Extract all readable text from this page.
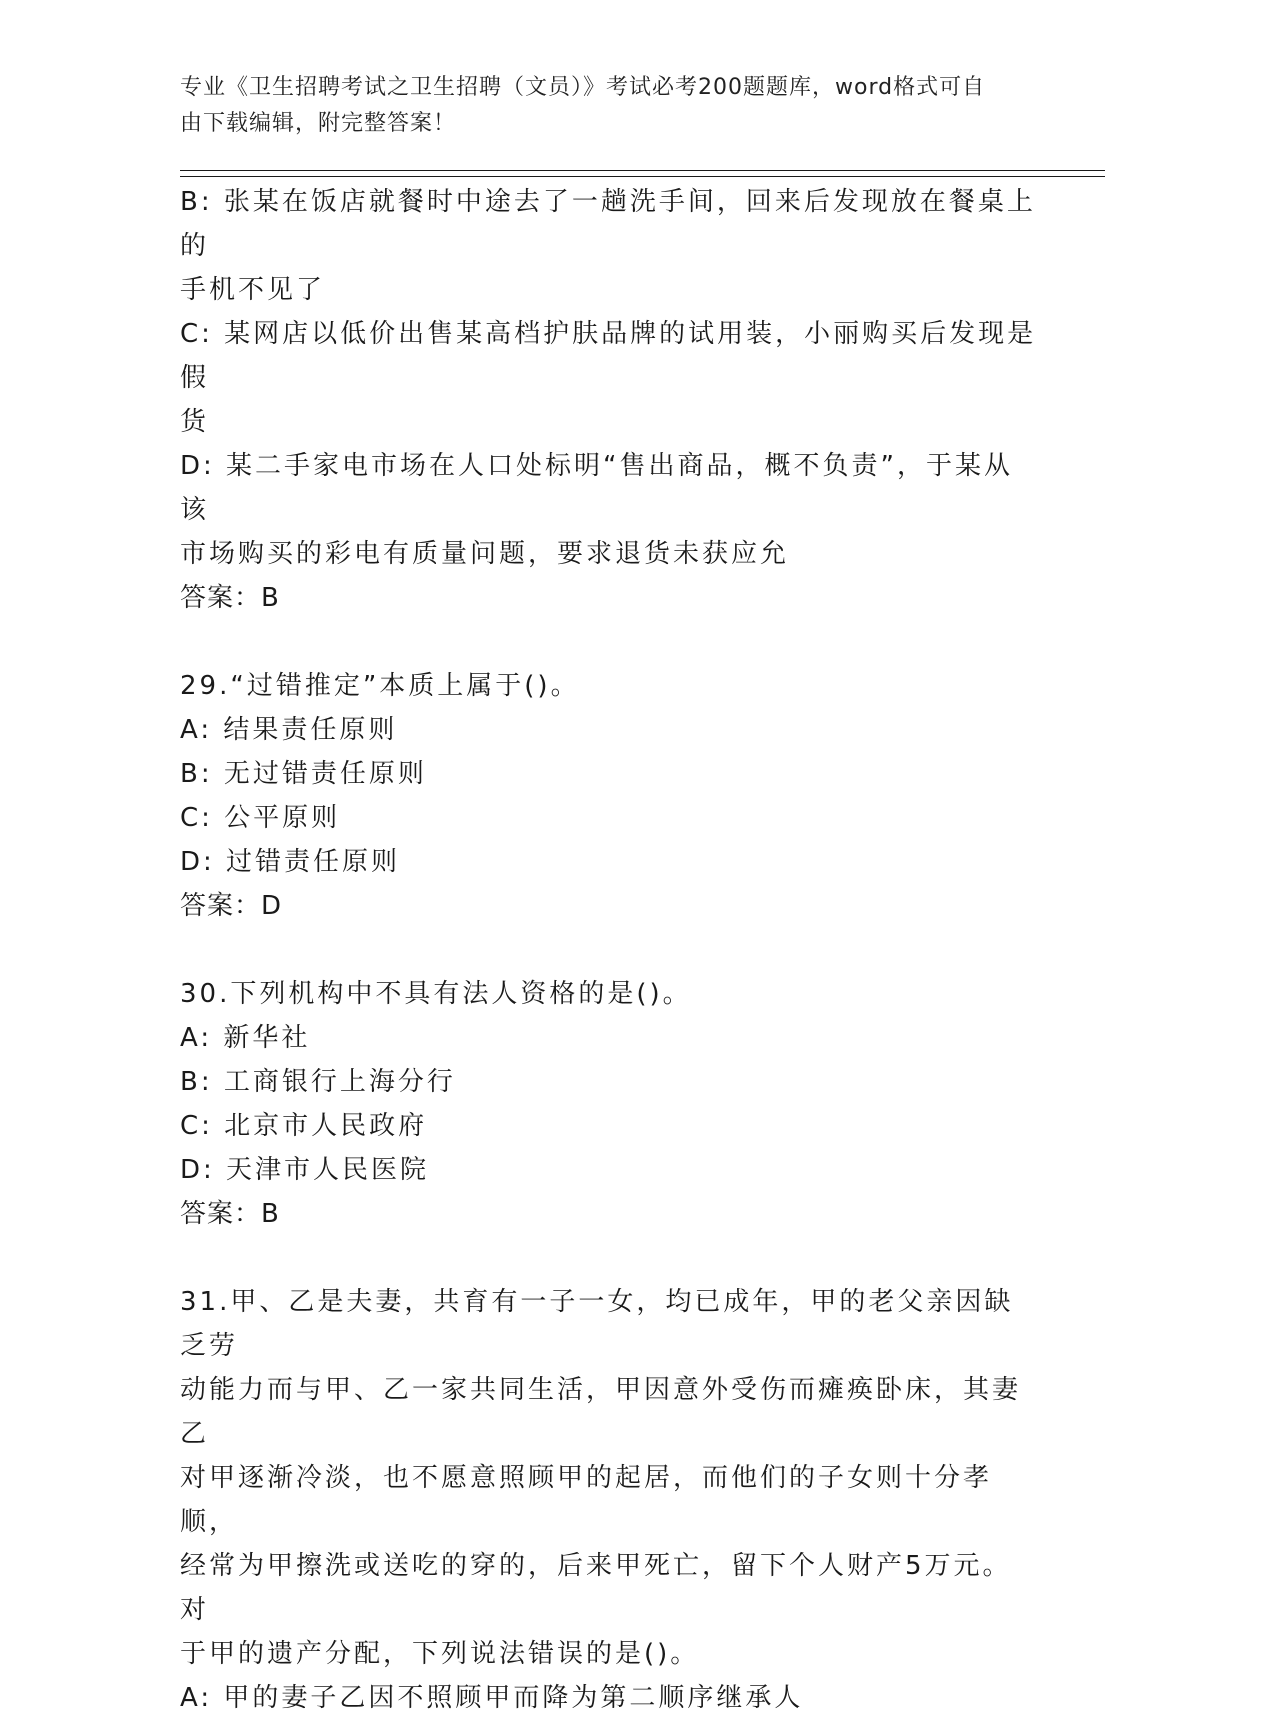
专业《卫生招聘考试之卫生招聘（文员）》考试必考200题题库，word格式可自
由下载编辑，附完整答案！
B: 张某在饭店就餐时中途去了一趟洗手间，回来后发现放在餐桌上的
手机不见了
C: 某网店以低价出售某高档护肤品牌的试用装，小丽购买后发现是假
货
D: 某二手家电市场在人口处标明“售出商品，概不负责”，于某从该
市场购买的彩电有质量问题，要求退货未获应允
答案：B
29.“过错推定”本质上属于()。
A: 结果责任原则
B: 无过错责任原则
C: 公平原则
D: 过错责任原则
答案：D
30.下列机构中不具有法人资格的是()。
A: 新华社
B: 工商银行上海分行
C: 北京市人民政府
D: 天津市人民医院
答案：B
31.甲、乙是夫妻，共育有一子一女，均已成年，甲的老父亲因缺乏劳
动能力而与甲、乙一家共同生活，甲因意外受伤而瘫痪卧床，其妻乙
对甲逐渐冷淡，也不愿意照顾甲的起居，而他们的子女则十分孝顺，
经常为甲擦洗或送吃的穿的，后来甲死亡，留下个人财产5万元。对
于甲的遗产分配，下列说法错误的是()。
A: 甲的妻子乙因不照顾甲而降为第二顺序继承人
